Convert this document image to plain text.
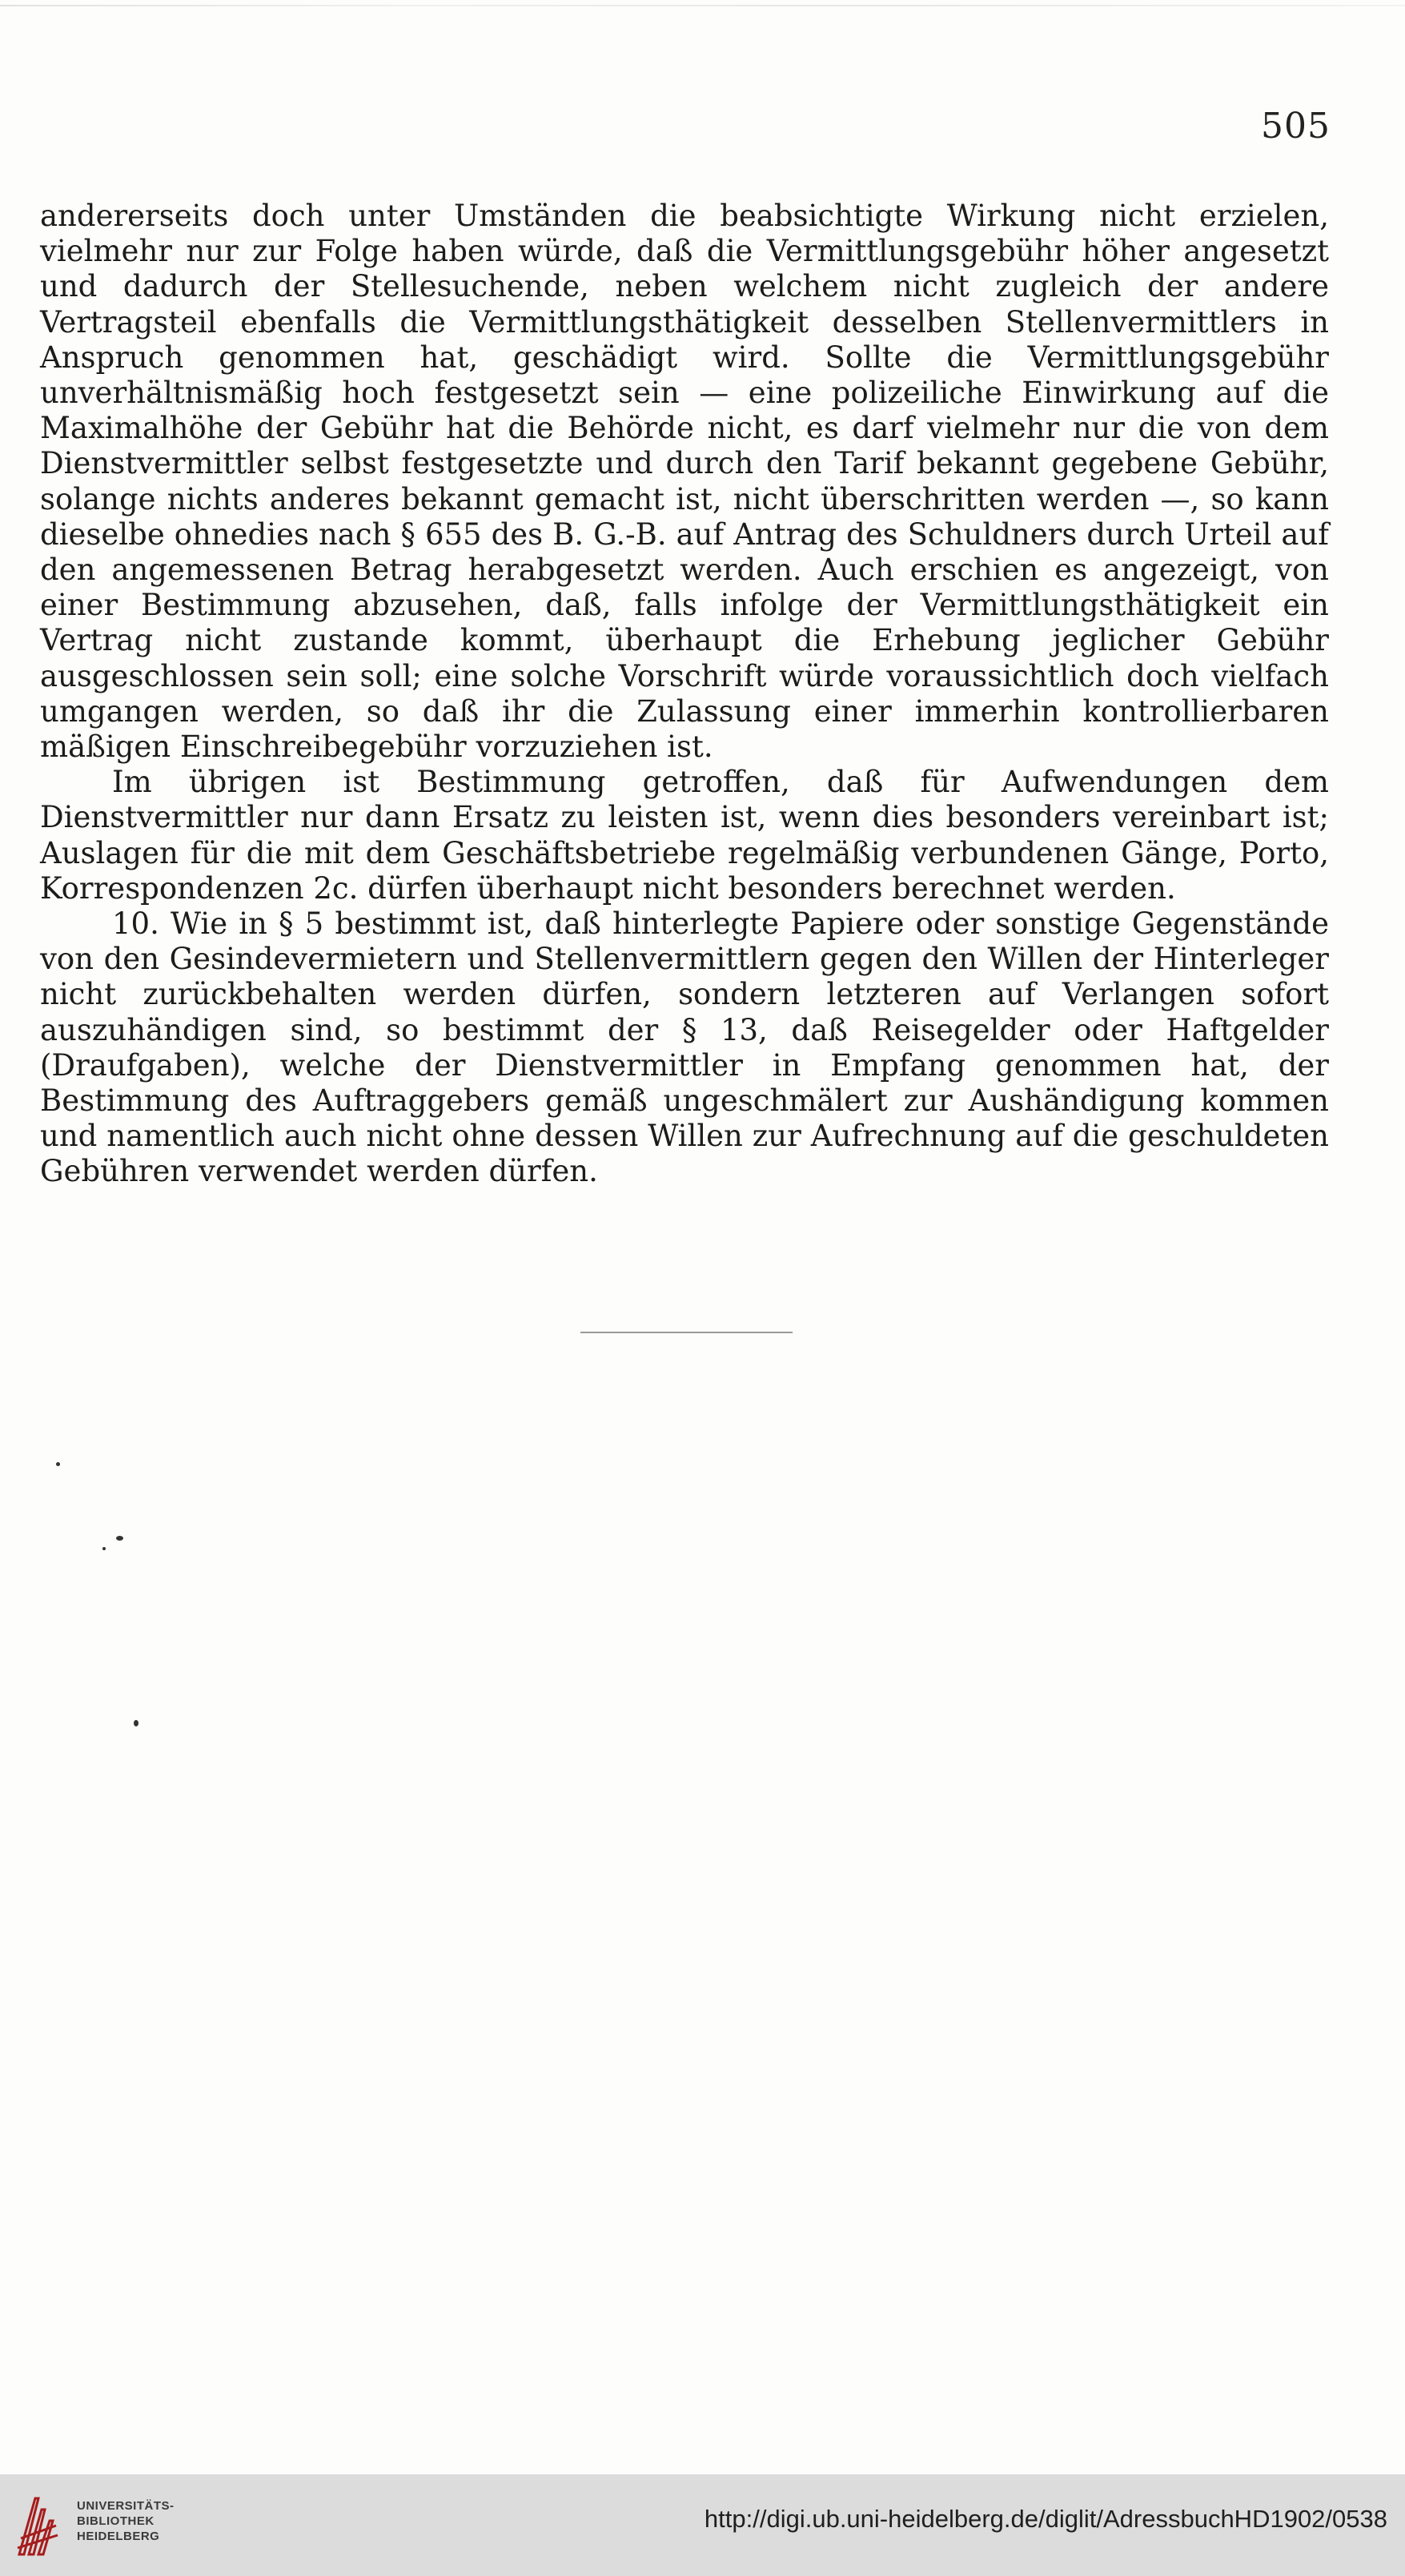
505

andererseits doch unter Umständen die beabsichtigte Wirkung nicht erzielen, vielmehr nur zur Folge haben würde, daß die Vermittlungsgebühr höher angesetzt und dadurch der Stellesuchende, neben welchem nicht zugleich der andere Vertragsteil ebenfalls die Vermittlungsthätigkeit desselben Stellenvermittlers in Anspruch genommen hat, geschädigt wird. Sollte die Vermittlungsgebühr unverhältnismäßig hoch festgesetzt sein — eine polizeiliche Einwirkung auf die Maximalhöhe der Gebühr hat die Behörde nicht, es darf vielmehr nur die von dem Dienstvermittler selbst festgesetzte und durch den Tarif bekannt gegebene Gebühr, solange nichts anderes bekannt gemacht ist, nicht überschritten werden —, so kann dieselbe ohnedies nach § 655 des B. G.-B. auf Antrag des Schuldners durch Urteil auf den angemessenen Betrag herabgesetzt werden. Auch erschien es angezeigt, von einer Bestimmung abzusehen, daß, falls infolge der Vermittlungsthätigkeit ein Vertrag nicht zustande kommt, überhaupt die Erhebung jeglicher Gebühr ausgeschlossen sein soll; eine solche Vorschrift würde voraussichtlich doch vielfach umgangen werden, so daß ihr die Zulassung einer immerhin kontrollierbaren mäßigen Einschreibegebühr vorzuziehen ist.

Im übrigen ist Bestimmung getroffen, daß für Aufwendungen dem Dienstvermittler nur dann Ersatz zu leisten ist, wenn dies besonders vereinbart ist; Auslagen für die mit dem Geschäftsbetriebe regelmäßig verbundenen Gänge, Porto, Korrespondenzen 2c. dürfen überhaupt nicht besonders berechnet werden.

10. Wie in § 5 bestimmt ist, daß hinterlegte Papiere oder sonstige Gegenstände von den Gesindevermietern und Stellenvermittlern gegen den Willen der Hinterleger nicht zurückbehalten werden dürfen, sondern letzteren auf Verlangen sofort auszuhändigen sind, so bestimmt der § 13, daß Reisegelder oder Haftgelder (Draufgaben), welche der Dienstvermittler in Empfang genommen hat, der Bestimmung des Auftraggebers gemäß ungeschmälert zur Aushändigung kommen und namentlich auch nicht ohne dessen Willen zur Aufrechnung auf die geschuldeten Gebühren verwendet werden dürfen.

UNIVERSITÄTS-
BIBLIOTHEK
HEIDELBERG
http://digi.ub.uni-heidelberg.de/diglit/AdressbuchHD1902/0538
